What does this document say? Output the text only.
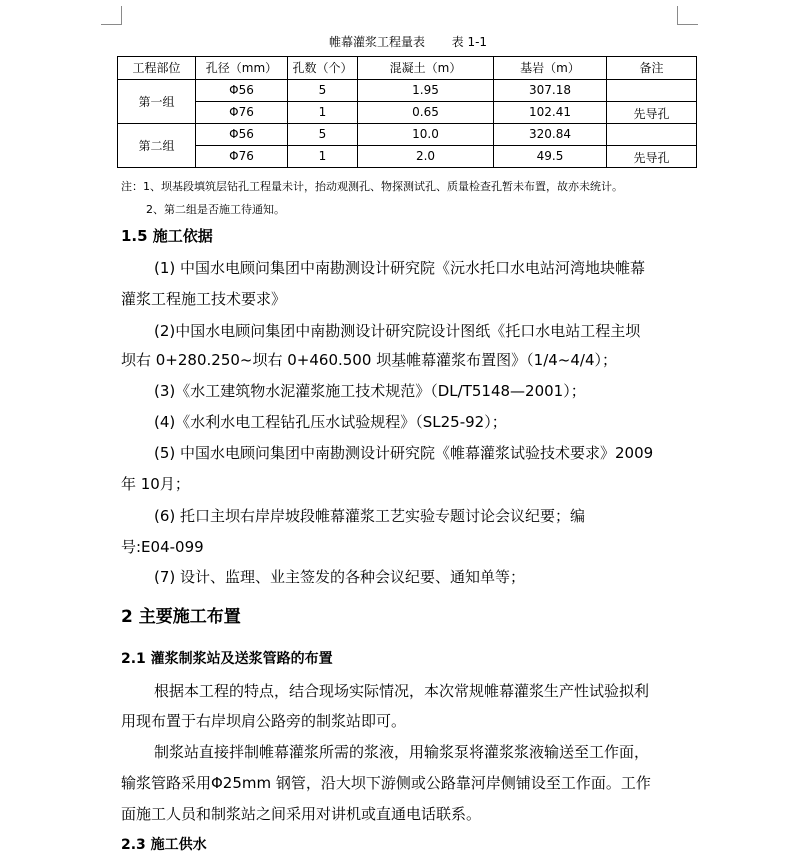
帷幕灌浆工程量表       表 1-1
工程部位	孔径（mm）	孔数（个）	混凝土（m）	基岩（m）	备注
第一组	Φ56	5	1.95	307.18	
	Φ76	1	0.65	102.41	先导孔
第二组	Φ56	5	10.0	320.84	
	Φ76	1	2.0	49.5	先导孔
注：1、坝基段填筑层钻孔工程量未计，抬动观测孔、物探测试孔、质量检查孔暂未布置，故亦未统计。
2、第二组是否施工待通知。
1.5 施工依据
(1) 中国水电顾问集团中南勘测设计研究院《沅水托口水电站河湾地块帷幕
灌浆工程施工技术要求》
(2)中国水电顾问集团中南勘测设计研究院设计图纸《托口水电站工程主坝
坝右 0+280.250~坝右 0+460.500 坝基帷幕灌浆布置图》（1/4~4/4）；
(3)《水工建筑物水泥灌浆施工技术规范》（DL/T5148—2001）；
(4)《水利水电工程钻孔压水试验规程》（SL25-92）；
(5) 中国水电顾问集团中南勘测设计研究院《帷幕灌浆试验技术要求》2009
年 10月；
(6) 托口主坝右岸岸坡段帷幕灌浆工艺实验专题讨论会议纪要；编
号:E04-099
(7) 设计、监理、业主签发的各种会议纪要、通知单等；
2 主要施工布置
2.1 灌浆制浆站及送浆管路的布置
根据本工程的特点，结合现场实际情况，本次常规帷幕灌浆生产性试验拟利
用现布置于右岸坝肩公路旁的制浆站即可。
制浆站直接拌制帷幕灌浆所需的浆液，用输浆泵将灌浆浆液输送至工作面，
输浆管路采用Φ25mm 钢管，沿大坝下游侧或公路靠河岸侧铺设至工作面。工作
面施工人员和制浆站之间采用对讲机或直通电话联系。
2.3 施工供水
